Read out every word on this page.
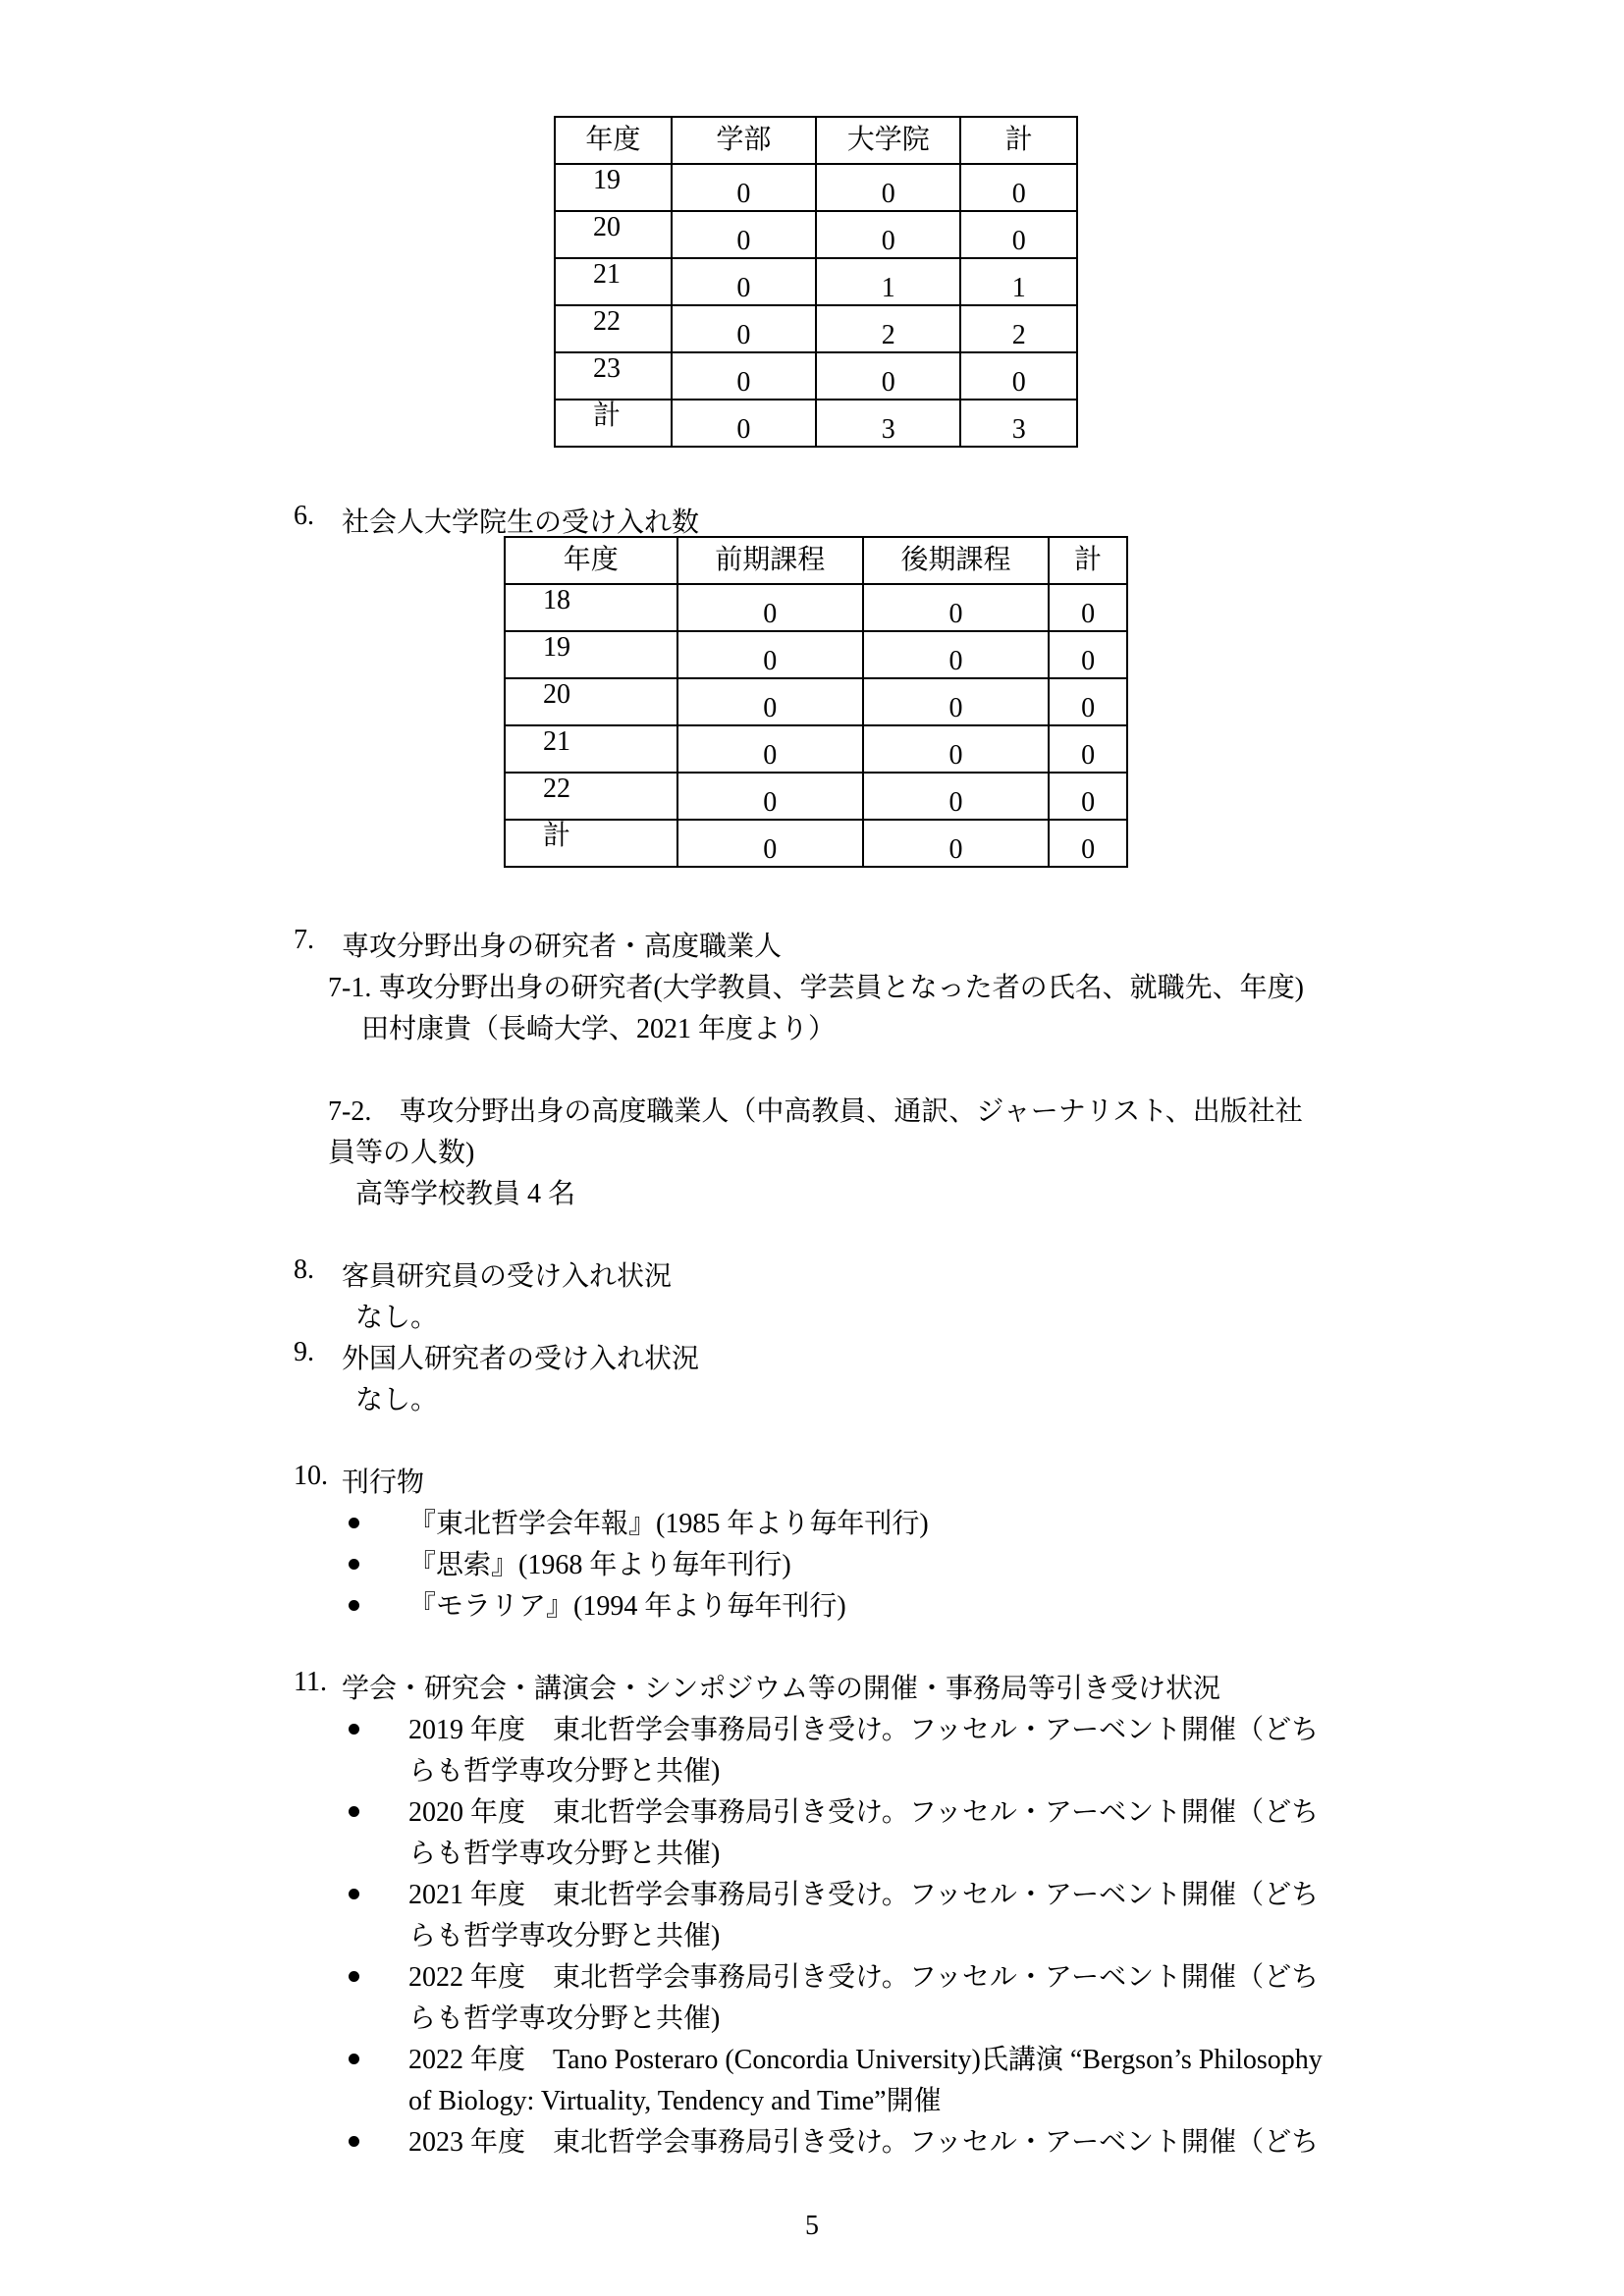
年度	学部	大学院	計
19	0	0	0
20	0	0	0
21	0	1	1
22	0	2	2
23	0	0	0
計	0	3	3
6. 社会人大学院生の受け入れ数
年度	前期課程	後期課程	計
18	0	0	0
19	0	0	0
20	0	0	0
21	0	0	0
22	0	0	0
計	0	0	0
7. 専攻分野出身の研究者・高度職業人
7-1. 専攻分野出身の研究者(大学教員、学芸員となった者の氏名、就職先、年度)
田村康貴（長崎大学、2021 年度より）
7-2.　専攻分野出身の高度職業人（中高教員、通訳、ジャーナリスト、出版社社
員等の人数)
高等学校教員 4 名
8. 客員研究員の受け入れ状況
なし。
9. 外国人研究者の受け入れ状況
なし。
10. 刊行物
『東北哲学会年報』(1985 年より毎年刊行)
『思索』(1968 年より毎年刊行)
『モラリア』(1994 年より毎年刊行)
11. 学会・研究会・講演会・シンポジウム等の開催・事務局等引き受け状況
2019 年度　東北哲学会事務局引き受け。フッセル・アーベント開催（どち
らも哲学専攻分野と共催)
2020 年度　東北哲学会事務局引き受け。フッセル・アーベント開催（どち
らも哲学専攻分野と共催)
2021 年度　東北哲学会事務局引き受け。フッセル・アーベント開催（どち
らも哲学専攻分野と共催)
2022 年度　東北哲学会事務局引き受け。フッセル・アーベント開催（どち
らも哲学専攻分野と共催)
2022 年度　Tano Posteraro (Concordia University)氏講演 “Bergson’s Philosophy
of Biology: Virtuality, Tendency and Time”開催
2023 年度　東北哲学会事務局引き受け。フッセル・アーベント開催（どち
5
